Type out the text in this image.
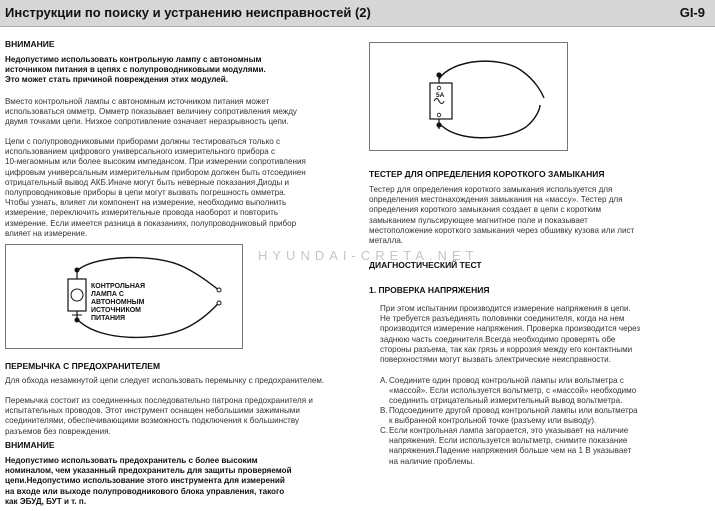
Инструкции по поиску и устранению неисправностей (2)	GI-9
ВНИМАНИЕ
Недопустимо использовать контрольную лампу с автономным
источником питания в цепях с полупроводниковыми модулями.
Это может стать причиной повреждения этих модулей.
Вместо контрольной лампы с автономным источником питания может
использоваться омметр. Омметр показывает величину сопротивления между
двумя точками цепи. Низкое сопротивление означает неразрывность цепи.
Цепи с полупроводниковыми приборами должны тестироваться только с
использованием цифрового универсального измерительного прибора с
10-мегаомным или более высоким импедансом. При измерении сопротивления
цифровым универсальным измерительным прибором должен быть отсоединен
отрицательный вывод АКБ.Иначе могут быть неверные показания.Диоды и
полупроводниковые приборы в цепи могут вызвать погрешность омметра.
Чтобы узнать, влияет ли компонент на измерение, необходимо выполнить
измерение, переключить измерительные провода наоборот и повторить
измерение. Если имеется разница в показаниях, полупроводниковый прибор
влияет на измерение.
КОНТРОЛЬНАЯ
ЛАМПА С
АВТОНОМНЫМ
ИСТОЧНИКОМ
ПИТАНИЯ
ПЕРЕМЫЧКА С ПРЕДОХРАНИТЕЛЕМ
Для обхода незамкнутой цепи следует использовать перемычку с предохранителем.
Перемычка состоит из соединенных последовательно патрона предохранителя и
испытательных проводов. Этот инструмент оснащен небольшими зажимными
соединителями, обеспечивающими возможность подключения к большинству
разъемов без повреждения.
ВНИМАНИЕ
Недопустимо использовать предохранитель с более высоким
номиналом, чем указанный предохранитель для защиты проверяемой
цепи.Недопустимо использование этого инструмента для измерений
на входе или выходе полупроводникового блока управления, такого
как ЭБУД, БУТ и т. п.
5A
ТЕСТЕР ДЛЯ ОПРЕДЕЛЕНИЯ КОРОТКОГО ЗАМЫКАНИЯ
Тестер для определения короткого замыкания используется для
определения местонахождения замыкания на «массу». Тестер для
определения короткого замыкания создает в цепи с коротким
замыканием пульсирующее магнитное поле и показывает
местоположение короткого замыкания через обшивку кузова или лист
металла.
HYUNDAI-CRETA.NET
ДИАГНОСТИЧЕСКИЙ ТЕСТ
1. ПРОВЕРКА НАПРЯЖЕНИЯ
При этом испытании производится измерение напряжения в цепи.
Не требуется разъединять половинки соединителя, когда на нем
производится измерение напряжения. Проверка производится через
заднюю часть соединителя.Всегда необходимо проверять обе
стороны разъема, так как грязь и коррозия между его контактными
поверхностями могут вызвать электрические неисправности.
A. Соедините один провод контрольной лампы или вольтметра с
«массой». Если используется вольтметр, с «массой» необходимо
соединить отрицательный измерительный вывод вольтметра.
B. Подсоедините другой провод контрольной лампы или вольтметра
к выбранной контрольной точке (разъему или выводу).
C. Если контрольная лампа загорается, это указывает на наличие
напряжения. Если используется вольтметр, снимите показание
напряжения.Падение напряжения больше чем на 1 В указывает
на наличие проблемы.
